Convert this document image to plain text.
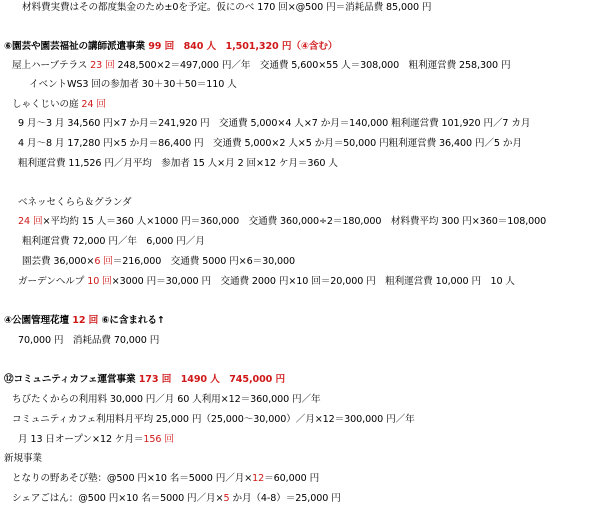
材料費実費はその都度集金のため±0を予定。仮にのべ 170 回×@500 円＝消耗品費 85,000 円
⑥園芸や園芸福祉の講師派遣事業 99 回　840 人　1,501,320 円（④含む）
屋上ハーブテラス 23 回 248,500×2＝497,000 円／年　交通費 5,600×55 人＝308,000　粗利運営費 258,300 円
イベントWS3 回の参加者 30＋30＋50＝110 人
しゃくじいの庭 24 回
9 月～3 月 34,560 円×7 か月＝241,920 円　交通費 5,000×4 人×7 か月＝140,000 粗利運営費 101,920 円／7 カ月
4 月～8 月 17,280 円×5 か月＝86,400 円　交通費 5,000×2 人×5 か月＝50,000 円粗利運営費 36,400 円／5 か月
粗利運営費 11,526 円／月平均　参加者 15 人×月 2 回×12 ケ月＝360 人
ベネッセくらら＆グランダ
24 回×平均約 15 人＝360 人×1000 円＝360,000　交通費 360,000÷2＝180,000　材料費平均 300 円×360＝108,000
粗利運営費 72,000 円／年　6,000 円／月
園芸費 36,000×6 回＝216,000　交通費 5000 円×6＝30,000
ガーデンヘルプ 10 回×3000 円＝30,000 円　交通費 2000 円×10 回＝20,000 円　粗利運営費 10,000 円　10 人
④公園管理花壇 12 回 ⑥に含まれる↑
70,000 円　消耗品費 70,000 円
⑫コミュニティカフェ運営事業 173 回　1490 人　745,000 円
ちびたくからの利用料 30,000 円／月 60 人利用×12＝360,000 円／年
コミュニティカフェ利用料月平均 25,000 円（25,000～30,000）／月×12＝300,000 円／年
月 13 日オープン×12 ケ月＝156 回
新規事業
となりの野あそび塾：@500 円×10 名＝5000 円／月×12＝60,000 円
シェアごはん：@500 円×10 名＝5000 円／月×5 か月（4-8）＝25,000 円
